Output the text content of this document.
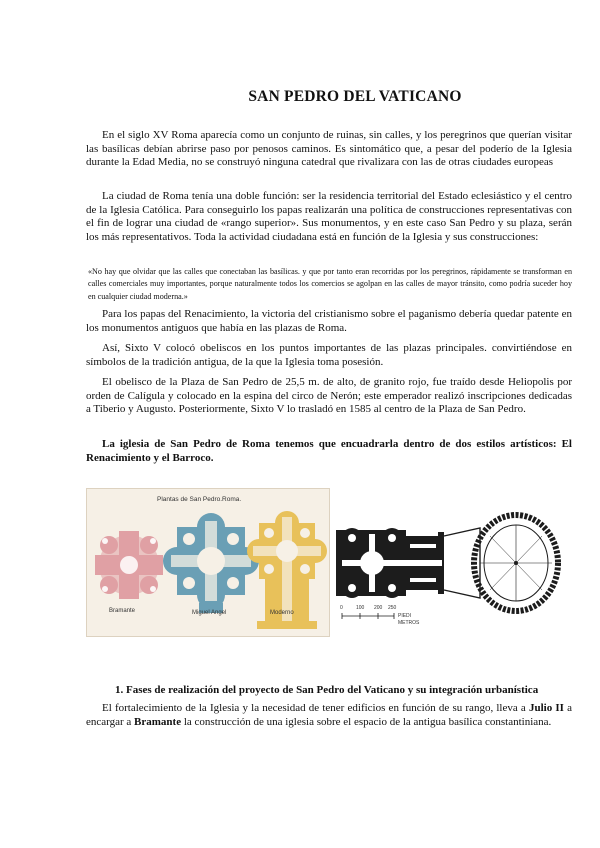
SAN PEDRO DEL VATICANO

En el siglo XV Roma aparecía como un conjunto de ruinas, sin calles, y los peregrinos que querían visitar las basílicas debían abrirse paso por penosos caminos. Es sintomático que, a pesar del poderío de la Iglesia durante la Edad Media, no se construyó ninguna catedral que rivalizara con las de otras ciudades europeas

La ciudad de Roma tenía una doble función: ser la residencia territorial del Estado eclesiástico y el centro de la Iglesia Católica. Para conseguirlo los papas realizarán una política de construcciones representativas con el fin de lograr una ciudad de «rango superior». Sus monumentos, y en este caso San Pedro y su plaza, serán los más representativos. Toda la actividad ciudadana está en función de la Iglesia y sus construcciones:

«No hay que olvidar que las calles que conectaban las basílicas. y que por tanto eran recorridas por los peregrinos, rápidamente se transforman en calles comerciales muy importantes, porque naturalmente todos los comercios se agolpan en las calles de mayor tránsito, como podría suceder hoy en cualquier ciudad moderna.»

Para los papas del Renacimiento, la victoria del cristianismo sobre el paganismo debería quedar patente en los monumentos antiguos que había en las plazas de Roma.

Así, Sixto V colocó obeliscos en los puntos importantes de las plazas principales. convirtiéndose en símbolos de la tradición antigua, de la que la Iglesia toma posesión.

El obelisco de la Plaza de San Pedro de 25,5 m. de alto, de granito rojo, fue traído desde Heliopolis por orden de Calígula y colocado en la espina del circo de Nerón; este emperador realizó inscripciones dedicadas a Tiberio y Augusto. Posteriormente, Sixto V lo trasladó en 1585 al centro de la Plaza de San Pedro.

La iglesia de San Pedro de Roma tenemos que encuadrarla dentro de dos estilos artísticos: El Renacimiento y el Barroco.

Plantas de San Pedro.Roma.
Bramante	Miguel Angel	Moderno
0	100 200 250
PIEDI
METROS
1. Fases de realización del proyecto de San Pedro del Vaticano y su integración urbanística

El fortalecimiento de la Iglesia y la necesidad de tener edificios en función de su rango, lleva a Julio II a encargar a Bramante la construcción de una iglesia sobre el espacio de la antigua basílica constantiniana.
